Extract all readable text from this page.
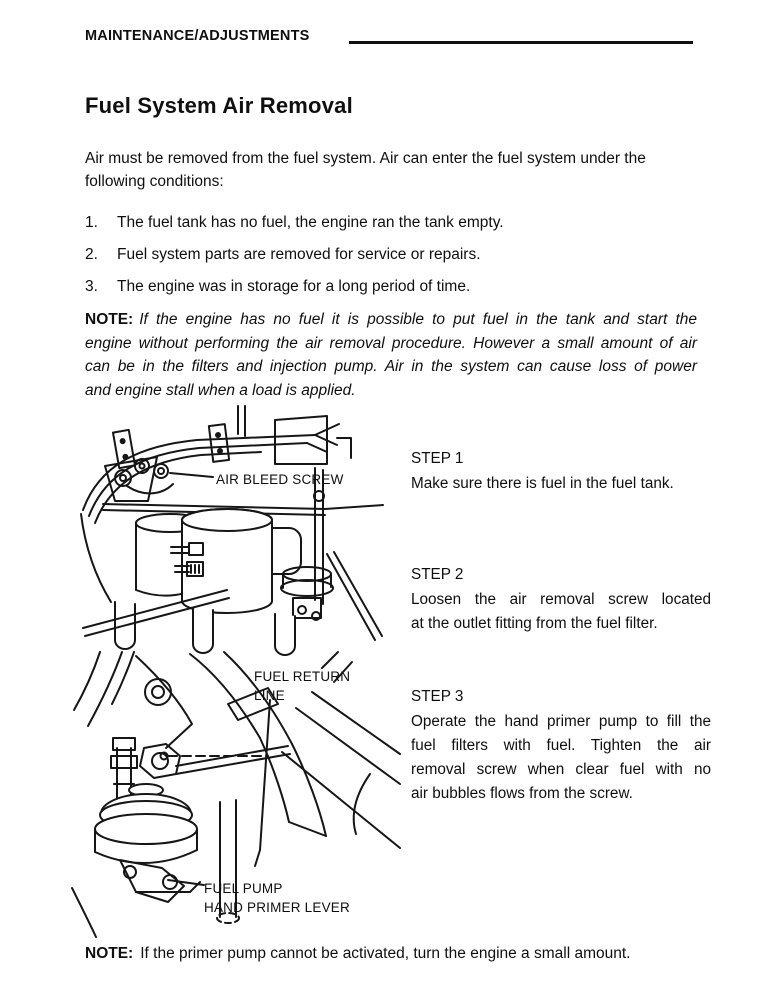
MAINTENANCE/ADJUSTMENTS
Fuel System Air Removal
Air must be removed from the fuel system. Air can enter the fuel system under the
following conditions:
1.	The fuel tank has no fuel, the engine ran the tank empty.
2.	Fuel system parts are removed for service or repairs.
3.	The engine was in storage for a long period of time.
NOTE: If the engine has no fuel it is possible to put fuel in the tank and start the
engine without performing the air removal procedure. However a small amount of air
can be in the filters and injection pump. Air in the system can cause loss of power
and engine stall when a load is applied.
AIR BLEED SCREW
STEP 1
Make sure there is fuel in the fuel tank.
STEP 2
Loosen the air removal screw located
at the outlet fitting from the fuel filter.
FUEL RETURN
LINE
FUEL PUMP
HAND PRIMER LEVER
STEP 3
Operate the hand primer pump to fill the
fuel filters with fuel. Tighten the air
removal screw when clear fuel with no
air bubbles flows from the screw.
NOTE: If the primer pump cannot be activated, turn the engine a small amount.
